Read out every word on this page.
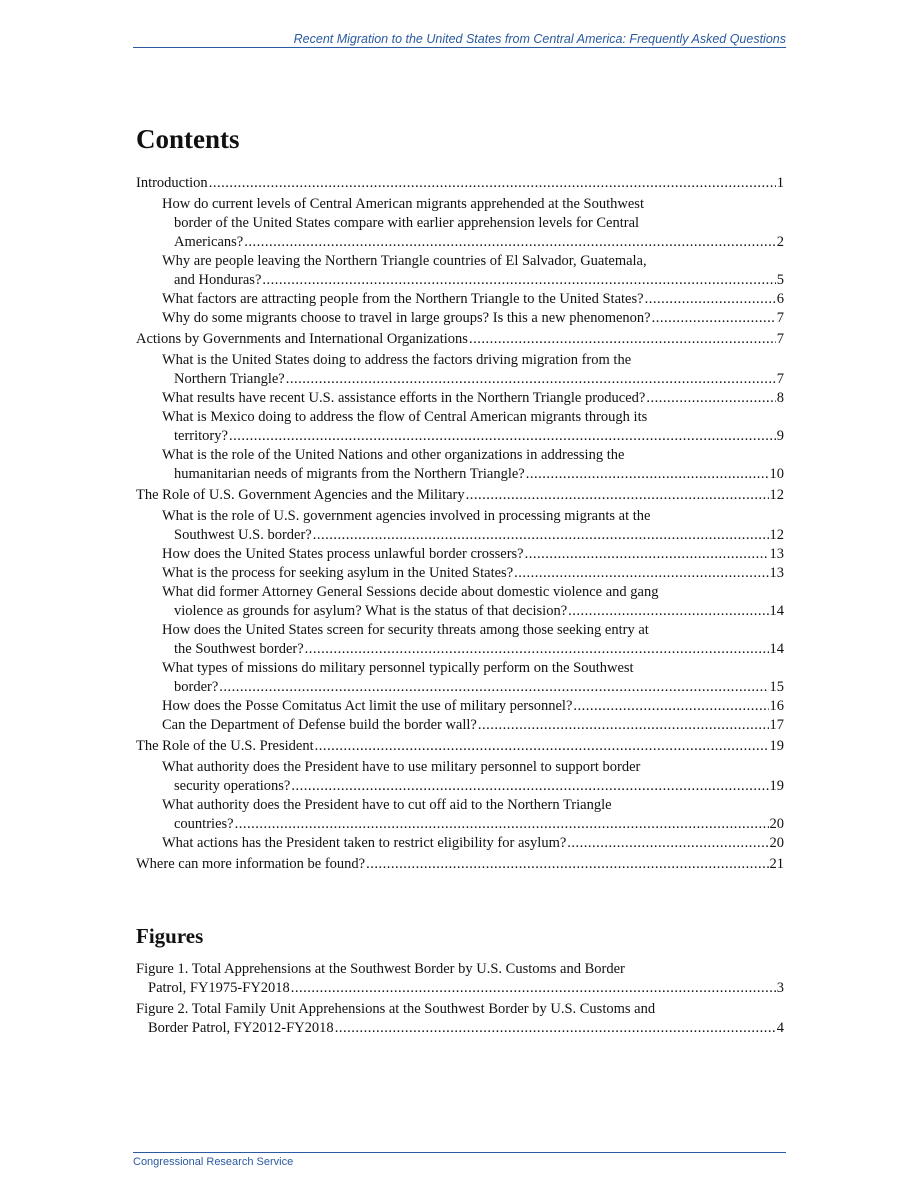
Recent Migration to the United States from Central America: Frequently Asked Questions
Contents
Introduction .....	1
How do current levels of Central American migrants apprehended at the Southwest
border of the United States compare with earlier apprehension levels for Central
Americans? .....	2
Why are people leaving the Northern Triangle countries of El Salvador, Guatemala,
and Honduras? .....	5
What factors are attracting people from the Northern Triangle to the United States? .....	6
Why do some migrants choose to travel in large groups? Is this a new phenomenon? .....	7
Actions by Governments and International Organizations .....	7
What is the United States doing to address the factors driving migration from the
Northern Triangle? .....	7
What results have recent U.S. assistance efforts in the Northern Triangle produced? .....	8
What is Mexico doing to address the flow of Central American migrants through its
territory? .....	9
What is the role of the United Nations and other organizations in addressing the
humanitarian needs of migrants from the Northern Triangle? .....	10
The Role of U.S. Government Agencies and the Military .....	12
What is the role of U.S. government agencies involved in processing migrants at the
Southwest U.S. border? .....	12
How does the United States process unlawful border crossers? .....	13
What is the process for seeking asylum in the United States? .....	13
What did former Attorney General Sessions decide about domestic violence and gang
violence as grounds for asylum? What is the status of that decision? .....	14
How does the United States screen for security threats among those seeking entry at
the Southwest border? .....	14
What types of missions do military personnel typically perform on the Southwest
border? .....	15
How does the Posse Comitatus Act limit the use of military personnel? .....	16
Can the Department of Defense build the border wall? .....	17
The Role of the U.S. President .....	19
What authority does the President have to use military personnel to support border
security operations? .....	19
What authority does the President have to cut off aid to the Northern Triangle
countries? .....	20
What actions has the President taken to restrict eligibility for asylum? .....	20
Where can more information be found? .....	21
Figures
Figure 1. Total Apprehensions at the Southwest Border by U.S. Customs and Border
Patrol, FY1975-FY2018 .....	3
Figure 2. Total Family Unit Apprehensions at the Southwest Border by U.S. Customs and
Border Patrol, FY2012-FY2018 .....	4
Congressional Research Service
